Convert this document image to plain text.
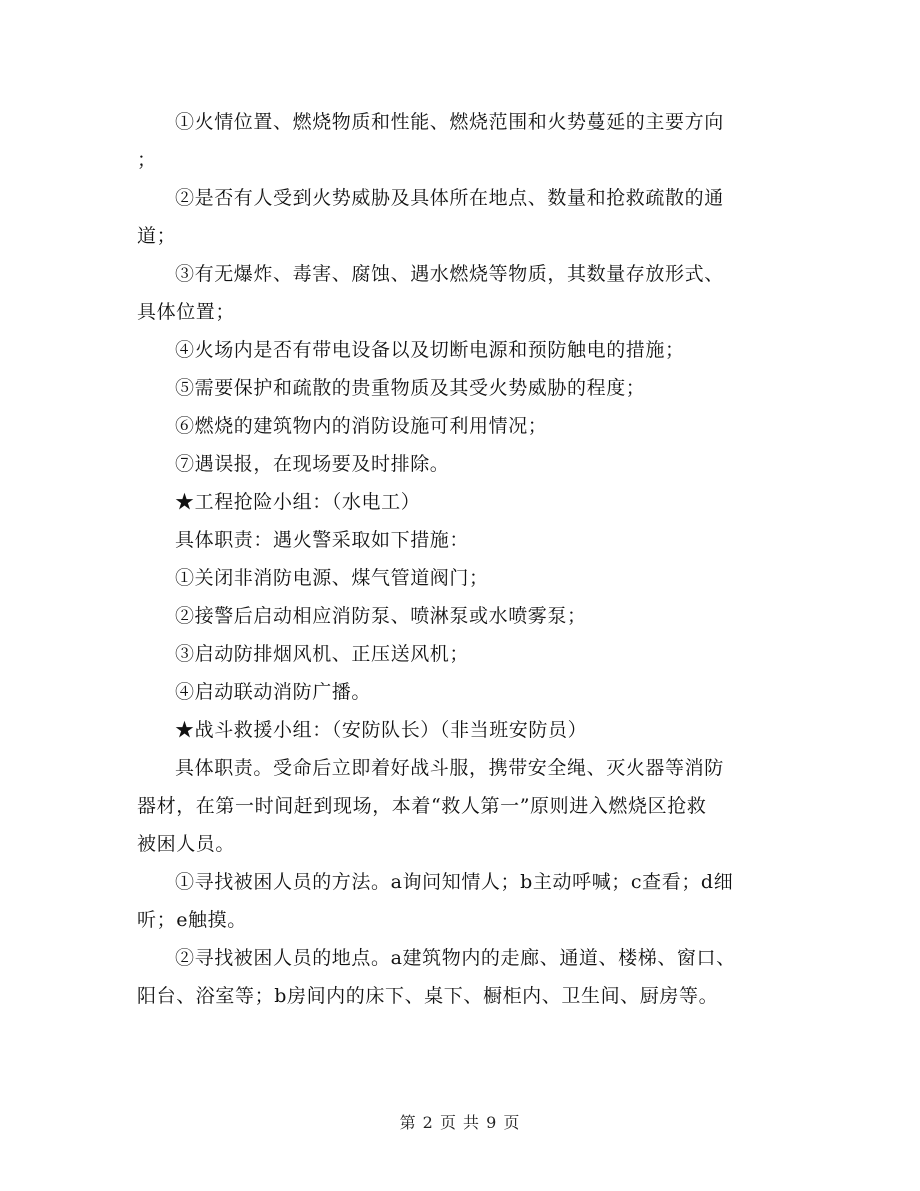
①火情位置、燃烧物质和性能、燃烧范围和火势蔓延的主要方向
；
②是否有人受到火势威胁及具体所在地点、数量和抢救疏散的通
道；
③有无爆炸、毒害、腐蚀、遇水燃烧等物质，其数量存放形式、
具体位置；
④火场内是否有带电设备以及切断电源和预防触电的措施；
⑤需要保护和疏散的贵重物质及其受火势威胁的程度；
⑥燃烧的建筑物内的消防设施可利用情况；
⑦遇误报，在现场要及时排除。
★工程抢险小组：（水电工）
具体职责：遇火警采取如下措施：
①关闭非消防电源、煤气管道阀门；
②接警后启动相应消防泵、喷淋泵或水喷雾泵；
③启动防排烟风机、正压送风机；
④启动联动消防广播。
★战斗救援小组：（安防队长）（非当班安防员）
具体职责。受命后立即着好战斗服，携带安全绳、灭火器等消防
器材，在第一时间赶到现场，本着“救人第一”原则进入燃烧区抢救
被困人员。
①寻找被困人员的方法。a询问知情人；b主动呼喊；c查看；d细
听；e触摸。
②寻找被困人员的地点。a建筑物内的走廊、通道、楼梯、窗口、
阳台、浴室等；b房间内的床下、桌下、橱柜内、卫生间、厨房等。
第 2 页 共 9 页
